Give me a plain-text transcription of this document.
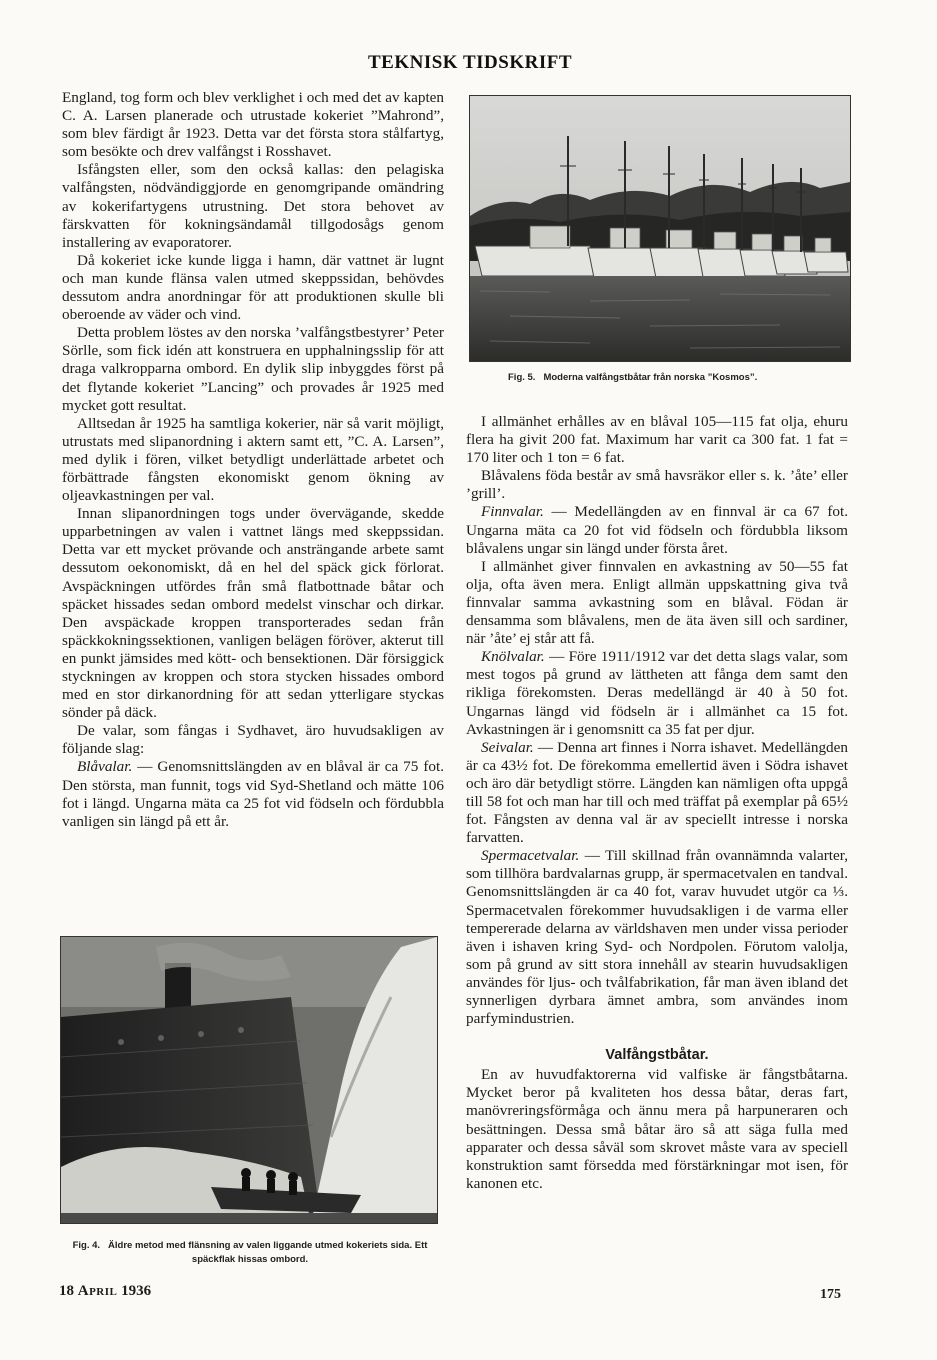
TEKNISK TIDSKRIFT

England, tog form och blev verklighet i och med det av kapten C. A. Larsen planerade och utrustade kokeriet ”Mahrond”, som blev färdigt år 1923. Detta var det första stora stålfartyg, som besökte och drev valfångst i Rosshavet.

Isfångsten eller, som den också kallas: den pelagiska valfångsten, nödvändiggjorde en genomgripande omändring av kokerifartygens utrustning. Det stora behovet av färskvatten för kokningsändamål tillgodosågs genom installering av evaporatorer.

Då kokeriet icke kunde ligga i hamn, där vattnet är lugnt och man kunde flänsa valen utmed skeppssidan, behövdes dessutom andra anordningar för att produktionen skulle bli oberoende av väder och vind.

Detta problem löstes av den norska ’valfångstbestyrer’ Peter Sörlle, som fick idén att konstruera en upphalningsslip för att draga valkropparna ombord. En dylik slip inbyggdes först på det flytande kokeriet ”Lancing” och provades år 1925 med mycket gott resultat.

Alltsedan år 1925 ha samtliga kokerier, när så varit möjligt, utrustats med slipanordning i aktern samt ett, ”C. A. Larsen”, med dylik i fören, vilket betydligt underlättade arbetet och förbättrade fångsten ekonomiskt genom ökning av oljeavkastningen per val.

Innan slipanordningen togs under övervägande, skedde upparbetningen av valen i vattnet längs med skeppssidan. Detta var ett mycket prövande och ansträngande arbete samt dessutom oekonomiskt, då en hel del späck gick förlorat. Avspäckningen utfördes från små flatbottnade båtar och späcket hissades sedan ombord medelst vinschar och dirkar. Den avspäckade kroppen transporterades sedan från späckkokningssektionen, vanligen belägen föröver, akterut till en punkt jämsides med kött- och bensektionen. Där försiggick styckningen av kroppen och stora stycken hissades ombord med en stor dirkanordning för att sedan ytterligare styckas sönder på däck.

De valar, som fångas i Sydhavet, äro huvudsakligen av följande slag:

Blåvalar. — Genomsnittslängden av en blåval är ca 75 fot. Den största, man funnit, togs vid Syd-Shetland och mätte 106 fot i längd. Ungarna mäta ca 25 fot vid födseln och fördubbla vanligen sin längd på ett år.

Fig. 5. Moderna valfångstbåtar från norska ”Kosmos”.

I allmänhet erhålles av en blåval 105—115 fat olja, ehuru flera ha givit 200 fat. Maximum har varit ca 300 fat. 1 fat = 170 liter och 1 ton = 6 fat.

Blåvalens föda består av små havsräkor eller s. k. ’åte’ eller ’grill’.

Finnvalar. — Medellängden av en finnval är ca 67 fot. Ungarna mäta ca 20 fot vid födseln och fördubbla liksom blåvalens ungar sin längd under första året.

I allmänhet giver finnvalen en avkastning av 50—55 fat olja, ofta även mera. Enligt allmän uppskattning giva två finnvalar samma avkastning som en blåval. Födan är densamma som blåvalens, men de äta även sill och sardiner, när ’åte’ ej står att få.

Knölvalar. — Före 1911/1912 var det detta slags valar, som mest togos på grund av lättheten att fånga dem samt den rikliga förekomsten. Deras medellängd är 40 à 50 fot. Ungarnas längd vid födseln är i allmänhet ca 15 fot. Avkastningen är i genomsnitt ca 35 fat per djur.

Seivalar. — Denna art finnes i Norra ishavet. Medellängden är ca 43½ fot. De förekomma emellertid även i Södra ishavet och äro där betydligt större. Längden kan nämligen ofta uppgå till 58 fot och man har till och med träffat på exemplar på 65½ fot. Fångsten av denna val är av speciellt intresse i norska farvatten.

Spermacetvalar. — Till skillnad från ovannämnda valarter, som tillhöra bardvalarnas grupp, är spermacetvalen en tandval. Genomsnittslängden är ca 40 fot, varav huvudet utgör ca ⅓. Spermacetvalen förekommer huvudsakligen i de varma eller tempererade delarna av världshaven men under vissa perioder även i ishaven kring Syd- och Nordpolen. Förutom valolja, som på grund av sitt stora innehåll av stearin huvudsakligen användes för ljus- och tvålfabrikation, får man även ibland det synnerligen dyrbara ämnet ambra, som användes inom parfymindustrien.

Valfångstbåtar.

En av huvudfaktorerna vid valfiske är fångstbåtarna. Mycket beror på kvaliteten hos dessa båtar, deras fart, manövreringsförmåga och ännu mera på harpuneraren och besättningen. Dessa små båtar äro så att säga fulla med apparater och dessa såväl som skrovet måste vara av speciell konstruktion samt försedda med förstärkningar mot isen, för kanonen etc.

Fig. 4. Äldre metod med flänsning av valen liggande utmed kokeriets sida. Ett späckflak hissas ombord.
18 April 1936	175
